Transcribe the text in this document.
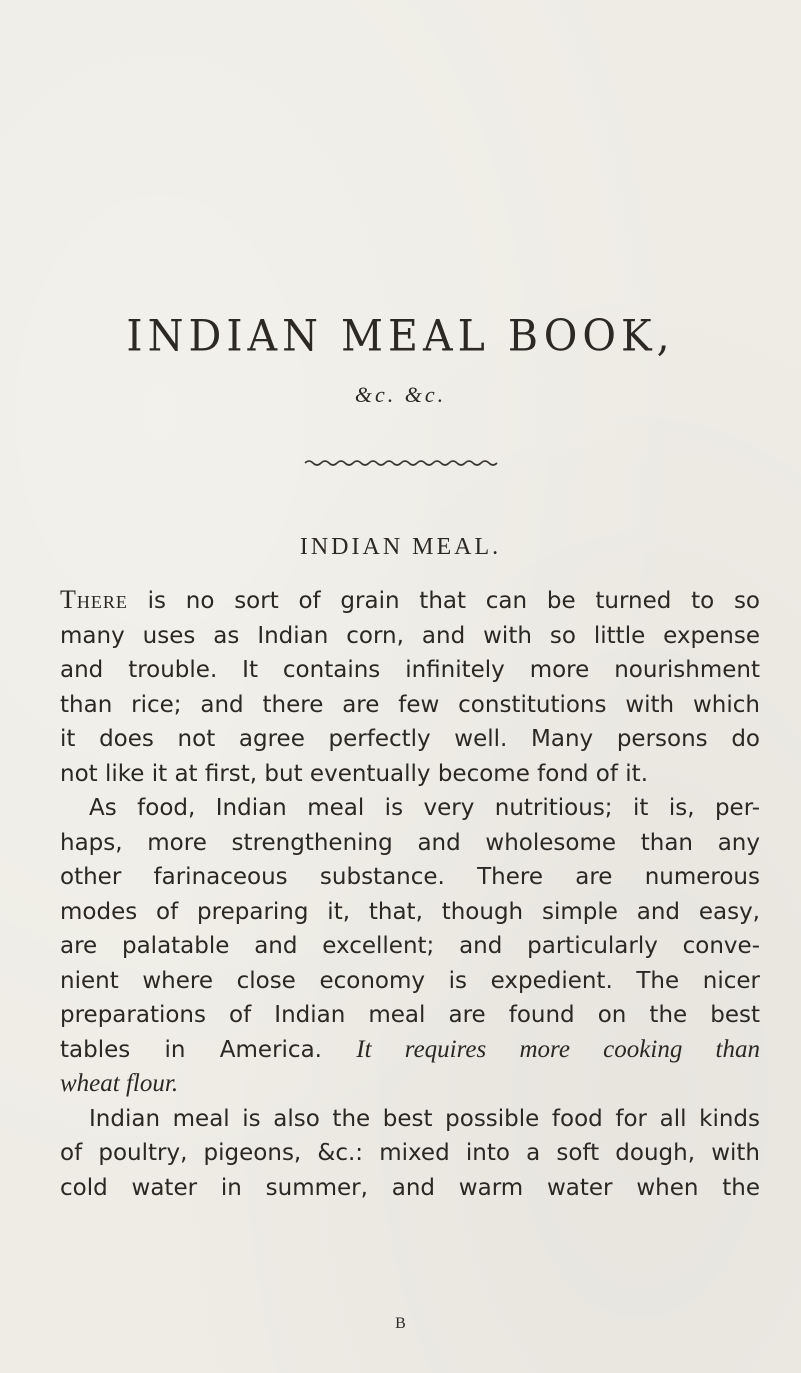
INDIAN MEAL BOOK,
&c. &c.
INDIAN MEAL.
There is no sort of grain that can be turned to so
many uses as Indian corn, and with so little expense
and trouble. It contains infinitely more nourishment
than rice; and there are few constitutions with which
it does not agree perfectly well. Many persons do
not like it at first, but eventually become fond of it.
As food, Indian meal is very nutritious; it is, per-
haps, more strengthening and wholesome than any
other farinaceous substance. There are numerous
modes of preparing it, that, though simple and easy,
are palatable and excellent; and particularly conve-
nient where close economy is expedient. The nicer
preparations of Indian meal are found on the best
tables in America. It requires more cooking than
wheat flour.
Indian meal is also the best possible food for all kinds
of poultry, pigeons, &c.: mixed into a soft dough, with
cold water in summer, and warm water when the
B
